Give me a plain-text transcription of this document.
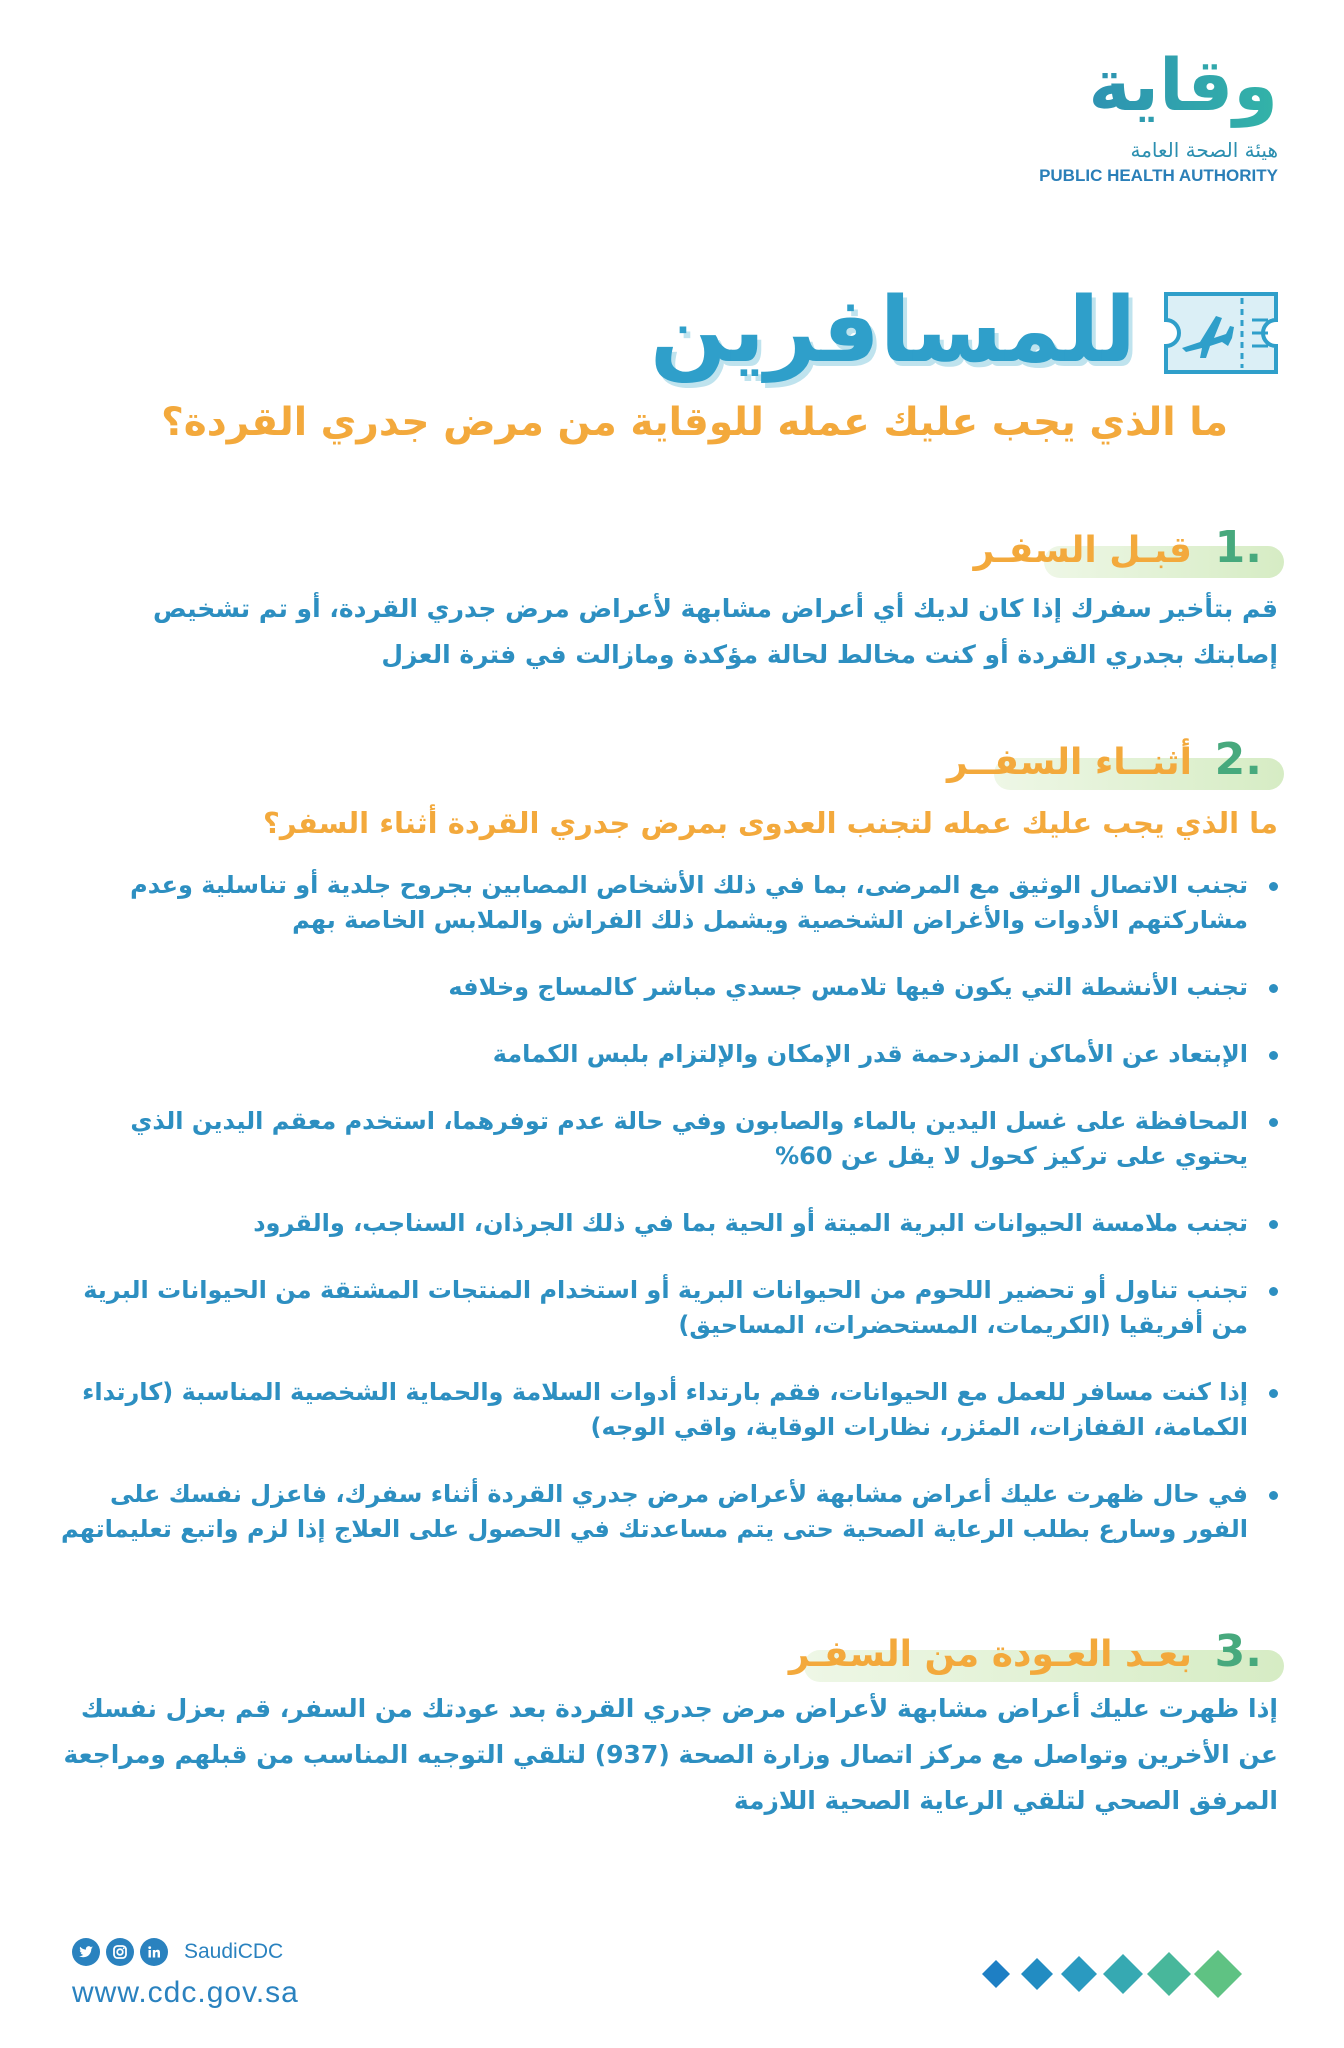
وقاية
هيئة الصحة العامة
PUBLIC HEALTH AUTHORITY
للمسافرين
ما الذي يجب عليك عمله للوقاية من مرض جدري القردة؟
1.
قبـل السفـر
قم بتأخير سفرك إذا كان لديك أي أعراض مشابهة لأعراض مرض جدري القردة، أو تم تشخيص إصابتك بجدري القردة أو كنت مخالط لحالة مؤكدة ومازالت في فترة العزل
2.
أثنــاء السفــر
ما الذي يجب عليك عمله لتجنب العدوى بمرض جدري القردة أثناء السفر؟
تجنب الاتصال الوثيق مع المرضى، بما في ذلك الأشخاص المصابين بجروح جلدية أو تناسلية وعدم مشاركتهم الأدوات والأغراض الشخصية ويشمل ذلك الفراش والملابس الخاصة بهم
تجنب الأنشطة التي يكون فيها تلامس جسدي مباشر كالمساج وخلافه
الإبتعاد عن الأماكن المزدحمة قدر الإمكان والإلتزام بلبس الكمامة
المحافظة على غسل اليدين بالماء والصابون وفي حالة عدم توفرهما، استخدم معقم اليدين الذي يحتوي على تركيز كحول لا يقل عن 60%
تجنب ملامسة الحيوانات البرية الميتة أو الحية بما في ذلك الجرذان، السناجب، والقرود
تجنب تناول أو تحضير اللحوم من الحيوانات البرية أو استخدام المنتجات المشتقة من الحيوانات البرية من أفريقيا (الكريمات، المستحضرات، المساحيق)
إذا كنت مسافر للعمل مع الحيوانات، فقم بارتداء أدوات السلامة والحماية الشخصية المناسبة (كارتداء الكمامة، القفازات، المئزر، نظارات الوقاية، واقي الوجه)
في حال ظهرت عليك أعراض مشابهة لأعراض مرض جدري القردة أثناء سفرك، فاعزل نفسك على الفور وسارع بطلب الرعاية الصحية حتى يتم مساعدتك في الحصول على العلاج إذا لزم واتبع تعليماتهم
3.
بعـد العـودة من السفـر
إذا ظهرت عليك أعراض مشابهة لأعراض مرض جدري القردة بعد عودتك من السفر، قم بعزل نفسك عن الأخرين وتواصل مع مركز اتصال وزارة الصحة (937) لتلقي التوجيه المناسب من قبلهم ومراجعة المرفق الصحي لتلقي الرعاية الصحية اللازمة
SaudiCDC
www.cdc.gov.sa
